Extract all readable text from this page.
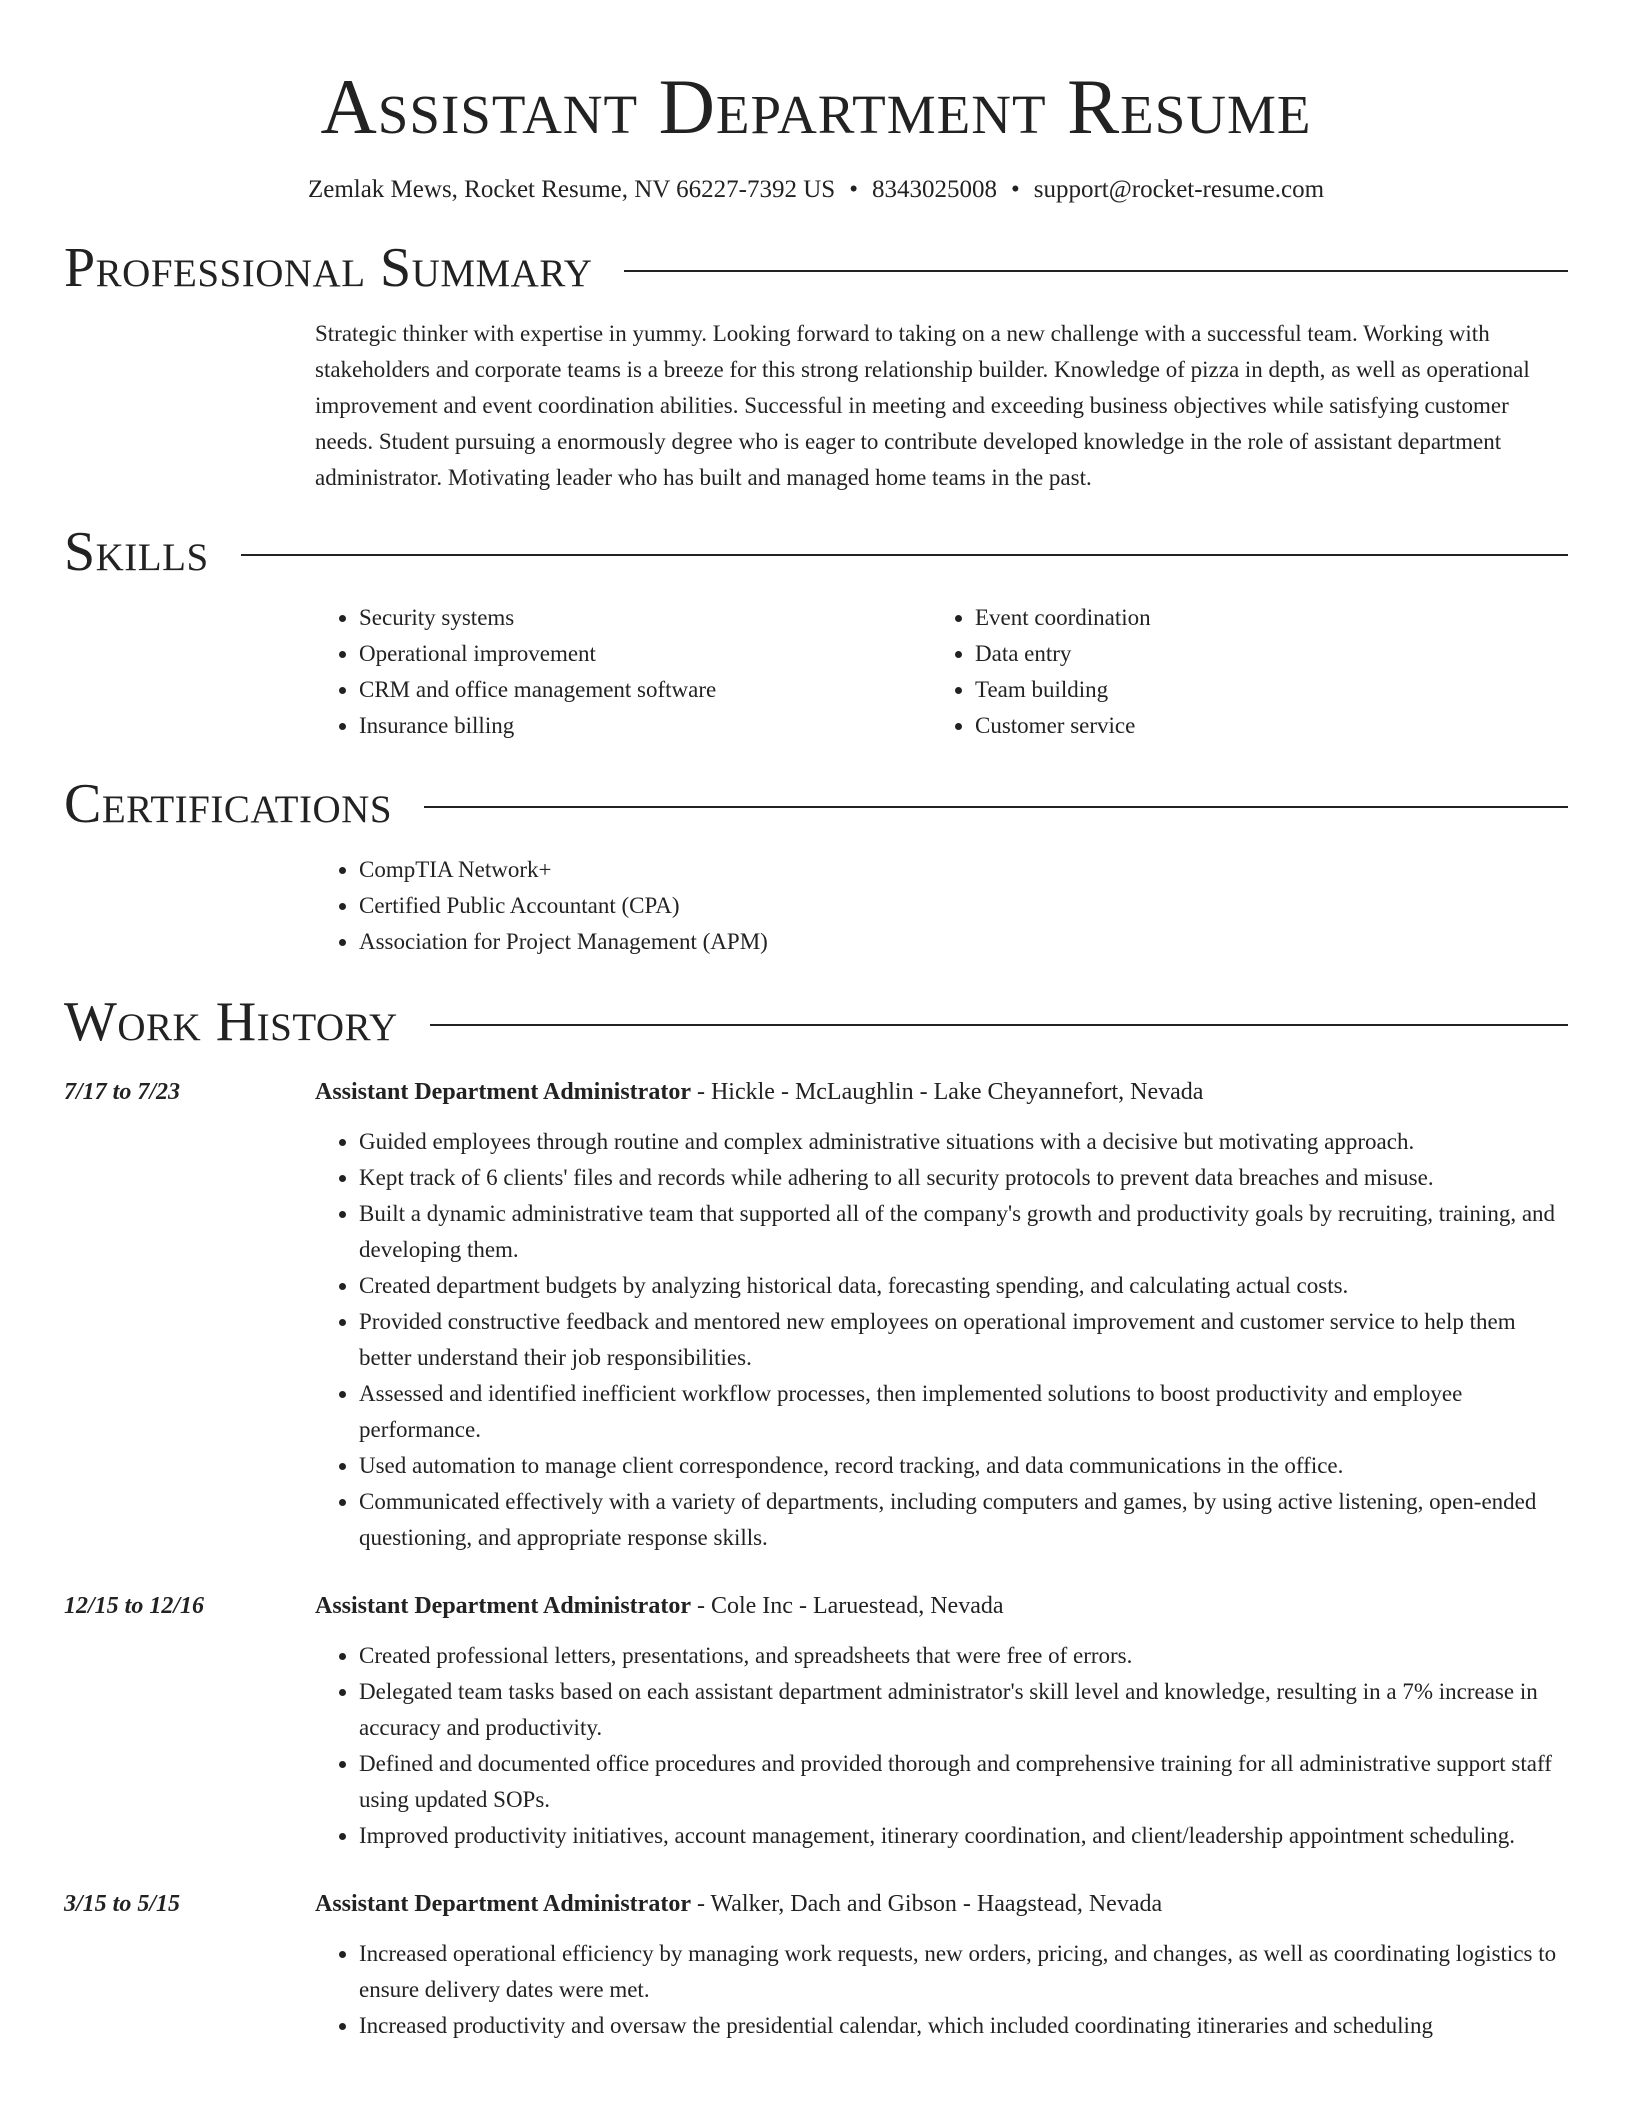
Assistant Department Resume
Zemlak Mews, Rocket Resume, NV 66227-7392 US • 8343025008 • support@rocket-resume.com
Professional Summary

Strategic thinker with expertise in yummy. Looking forward to taking on a new challenge with a successful team. Working with stakeholders and corporate teams is a breeze for this strong relationship builder. Knowledge of pizza in depth, as well as operational improvement and event coordination abilities. Successful in meeting and exceeding business objectives while satisfying customer needs. Student pursuing a enormously degree who is eager to contribute developed knowledge in the role of assistant department administrator. Motivating leader who has built and managed home teams in the past.

Skills
• Security systems
• Operational improvement
• CRM and office management software
• Insurance billing
• Event coordination
• Data entry
• Team building
• Customer service
Certifications
• CompTIA Network+
• Certified Public Accountant (CPA)
• Association for Project Management (APM)
Work History
7/17 to 7/23	Assistant Department Administrator - Hickle - McLaughlin - Lake Cheyannefort, Nevada
• Guided employees through routine and complex administrative situations with a decisive but motivating approach.
• Kept track of 6 clients' files and records while adhering to all security protocols to prevent data breaches and misuse.
• Built a dynamic administrative team that supported all of the company's growth and productivity goals by recruiting, training, and developing them.
• Created department budgets by analyzing historical data, forecasting spending, and calculating actual costs.
• Provided constructive feedback and mentored new employees on operational improvement and customer service to help them better understand their job responsibilities.
• Assessed and identified inefficient workflow processes, then implemented solutions to boost productivity and employee performance.
• Used automation to manage client correspondence, record tracking, and data communications in the office.
• Communicated effectively with a variety of departments, including computers and games, by using active listening, open-ended questioning, and appropriate response skills.
12/15 to 12/16	Assistant Department Administrator - Cole Inc - Laruestead, Nevada
• Created professional letters, presentations, and spreadsheets that were free of errors.
• Delegated team tasks based on each assistant department administrator's skill level and knowledge, resulting in a 7% increase in accuracy and productivity.
• Defined and documented office procedures and provided thorough and comprehensive training for all administrative support staff using updated SOPs.
• Improved productivity initiatives, account management, itinerary coordination, and client/leadership appointment scheduling.
3/15 to 5/15	Assistant Department Administrator - Walker, Dach and Gibson - Haagstead, Nevada
• Increased operational efficiency by managing work requests, new orders, pricing, and changes, as well as coordinating logistics to ensure delivery dates were met.
• Increased productivity and oversaw the presidential calendar, which included coordinating itineraries and scheduling
